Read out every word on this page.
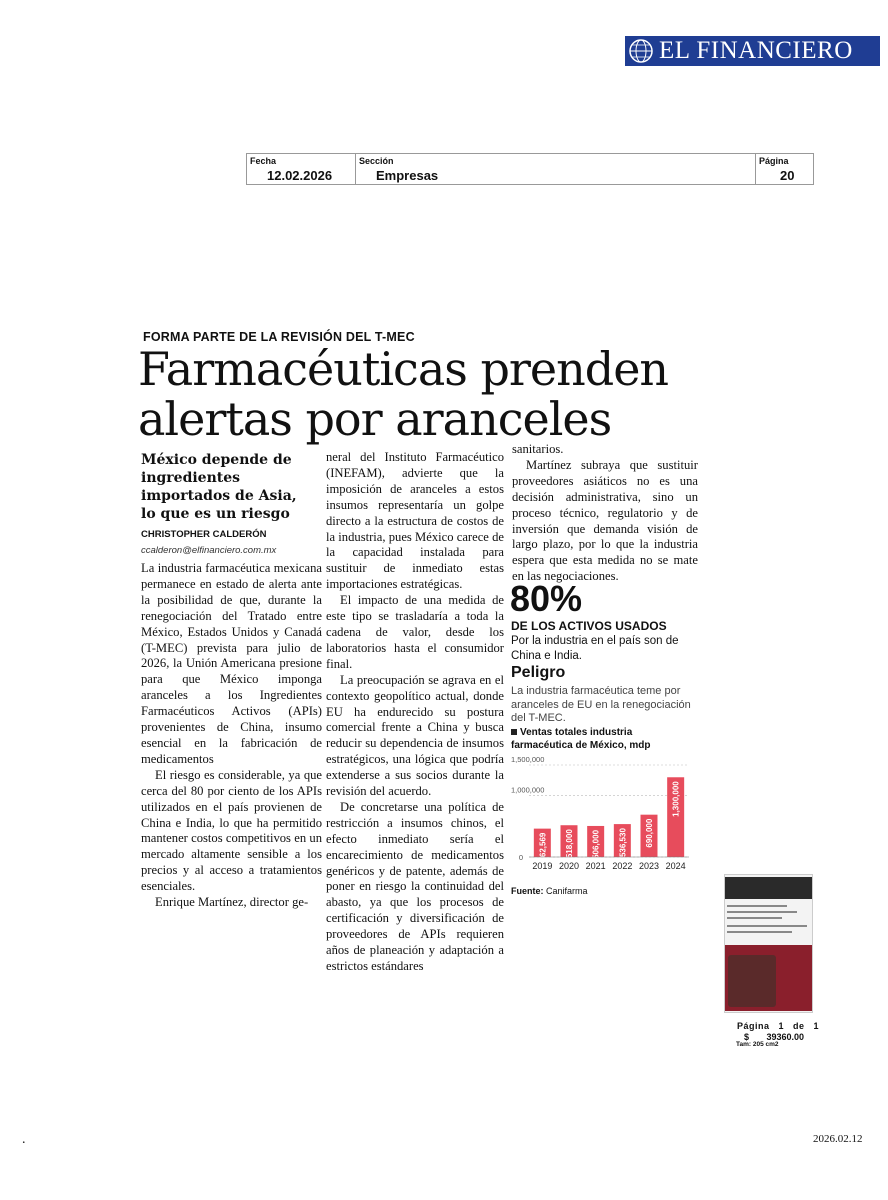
EL FINANCIERO
Fecha
12.02.2026
Sección
Empresas
Página
20
FORMA PARTE DE LA REVISIÓN DEL T-MEC
Farmacéuticas prenden
alertas por aranceles
México depende de ingredientes importados de Asia, lo que es un riesgo
CHRISTOPHER CALDERÓN
ccalderon@elfinanciero.com.mx

La industria farmacéutica mexicana permanece en estado de alerta ante la posibilidad de que, durante la renegociación del Tratado entre México, Estados Unidos y Canadá (T-MEC) prevista para julio de 2026, la Unión Americana presione para que México imponga aranceles a los Ingredientes Farmacéuticos Activos (APIs) provenientes de China, insumo esencial en la fabricación de medicamentos

El riesgo es considerable, ya que cerca del 80 por ciento de los APIs utilizados en el país provienen de China e India, lo que ha permitido mantener costos competitivos en un mercado altamente sensible a los precios y al acceso a tratamientos esenciales.

Enrique Martínez, director ge-

neral del Instituto Farmacéutico (INEFAM), advierte que la imposición de aranceles a estos insumos representaría un golpe directo a la estructura de costos de la industria, pues México carece de la capacidad instalada para sustituir de inmediato estas importaciones estratégicas.

El impacto de una medida de este tipo se trasladaría a toda la cadena de valor, desde los laboratorios hasta el consumidor final.

La preocupación se agrava en el contexto geopolítico actual, donde EU ha endurecido su postura comercial frente a China y busca reducir su dependencia de insumos estratégicos, una lógica que podría extenderse a sus socios durante la revisión del acuerdo.

De concretarse una política de restricción a insumos chinos, el efecto inmediato sería el encarecimiento de medicamentos genéricos y de patente, además de poner en riesgo la continuidad del abasto, ya que los procesos de certificación y diversificación de proveedores de APIs requieren años de planeación y adaptación a estrictos estándares

sanitarios.

Martínez subraya que sustituir proveedores asiáticos no es una decisión administrativa, sino un proceso técnico, regulatorio y de inversión que demanda visión de largo plazo, por lo que la industria espera que esta medida no se mate en las negociaciones.

80%
DE LOS ACTIVOS USADOS
Por la industria en el país son de China e India.
Peligro
La industria farmacéutica teme por aranceles de EU en la renegociación del T-MEC.
Ventas totales industria farmacéutica de México, mdp
0
1,000,000
1,500,000
462,569
2019
518,000
2020
506,000
2021
536,530
2022
690,000
2023
1,300,000
2024
Fuente: Canifarma
Página   1   de   1
$       39360.00
Tam: 205 cm2
.	2026.02.12
